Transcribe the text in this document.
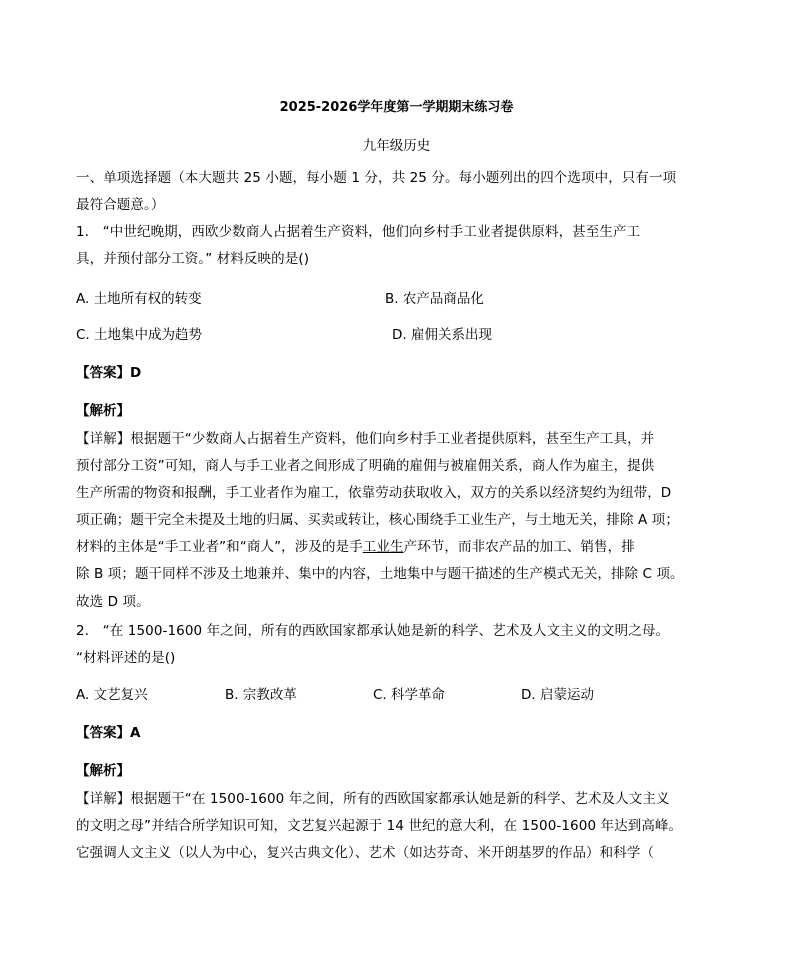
2025-2026学年度第一学期期末练习卷
九年级历史
一、单项选择题（本大题共 25 小题，每小题 1 分，共 25 分。每小题列出的四个选项中，只有一项
最符合题意。）
1． “中世纪晚期，西欧少数商人占据着生产资料，他们向乡村手工业者提供原料，甚至生产工
具，并预付部分工资。” 材料反映的是()
A. 土地所有权的转变	B. 农产品商品化
C. 土地集中成为趋势	D. 雇佣关系出现
【答案】D
【解析】
【详解】根据题干“少数商人占据着生产资料，他们向乡村手工业者提供原料，甚至生产工具，并
预付部分工资”可知，商人与手工业者之间形成了明确的雇佣与被雇佣关系，商人作为雇主，提供
生产所需的物资和报酬，手工业者作为雇工，依靠劳动获取收入，双方的关系以经济契约为纽带，D
项正确；题干完全未提及土地的归属、买卖或转让，核心围绕手工业生产，与土地无关，排除 A 项；
材料的主体是“手工业者”和“商人”，涉及的是手工业生产环节，而非农产品的加工、销售，排
除 B 项；题干同样不涉及土地兼并、集中的内容，土地集中与题干描述的生产模式无关，排除 C 项。
故选 D 项。
2． “在 1500-1600 年之间，所有的西欧国家都承认她是新的科学、艺术及人文主义的文明之母。
“材料评述的是()
A. 文艺复兴	B. 宗教改革	C. 科学革命	D. 启蒙运动
【答案】A
【解析】
【详解】根据题干“在 1500-1600 年之间，所有的西欧国家都承认她是新的科学、艺术及人文主义
的文明之母”并结合所学知识可知，文艺复兴起源于 14 世纪的意大利，在 1500-1600 年达到高峰。
它强调人文主义（以人为中心，复兴古典文化）、艺术（如达芬奇、米开朗基罗的作品）和科学（
